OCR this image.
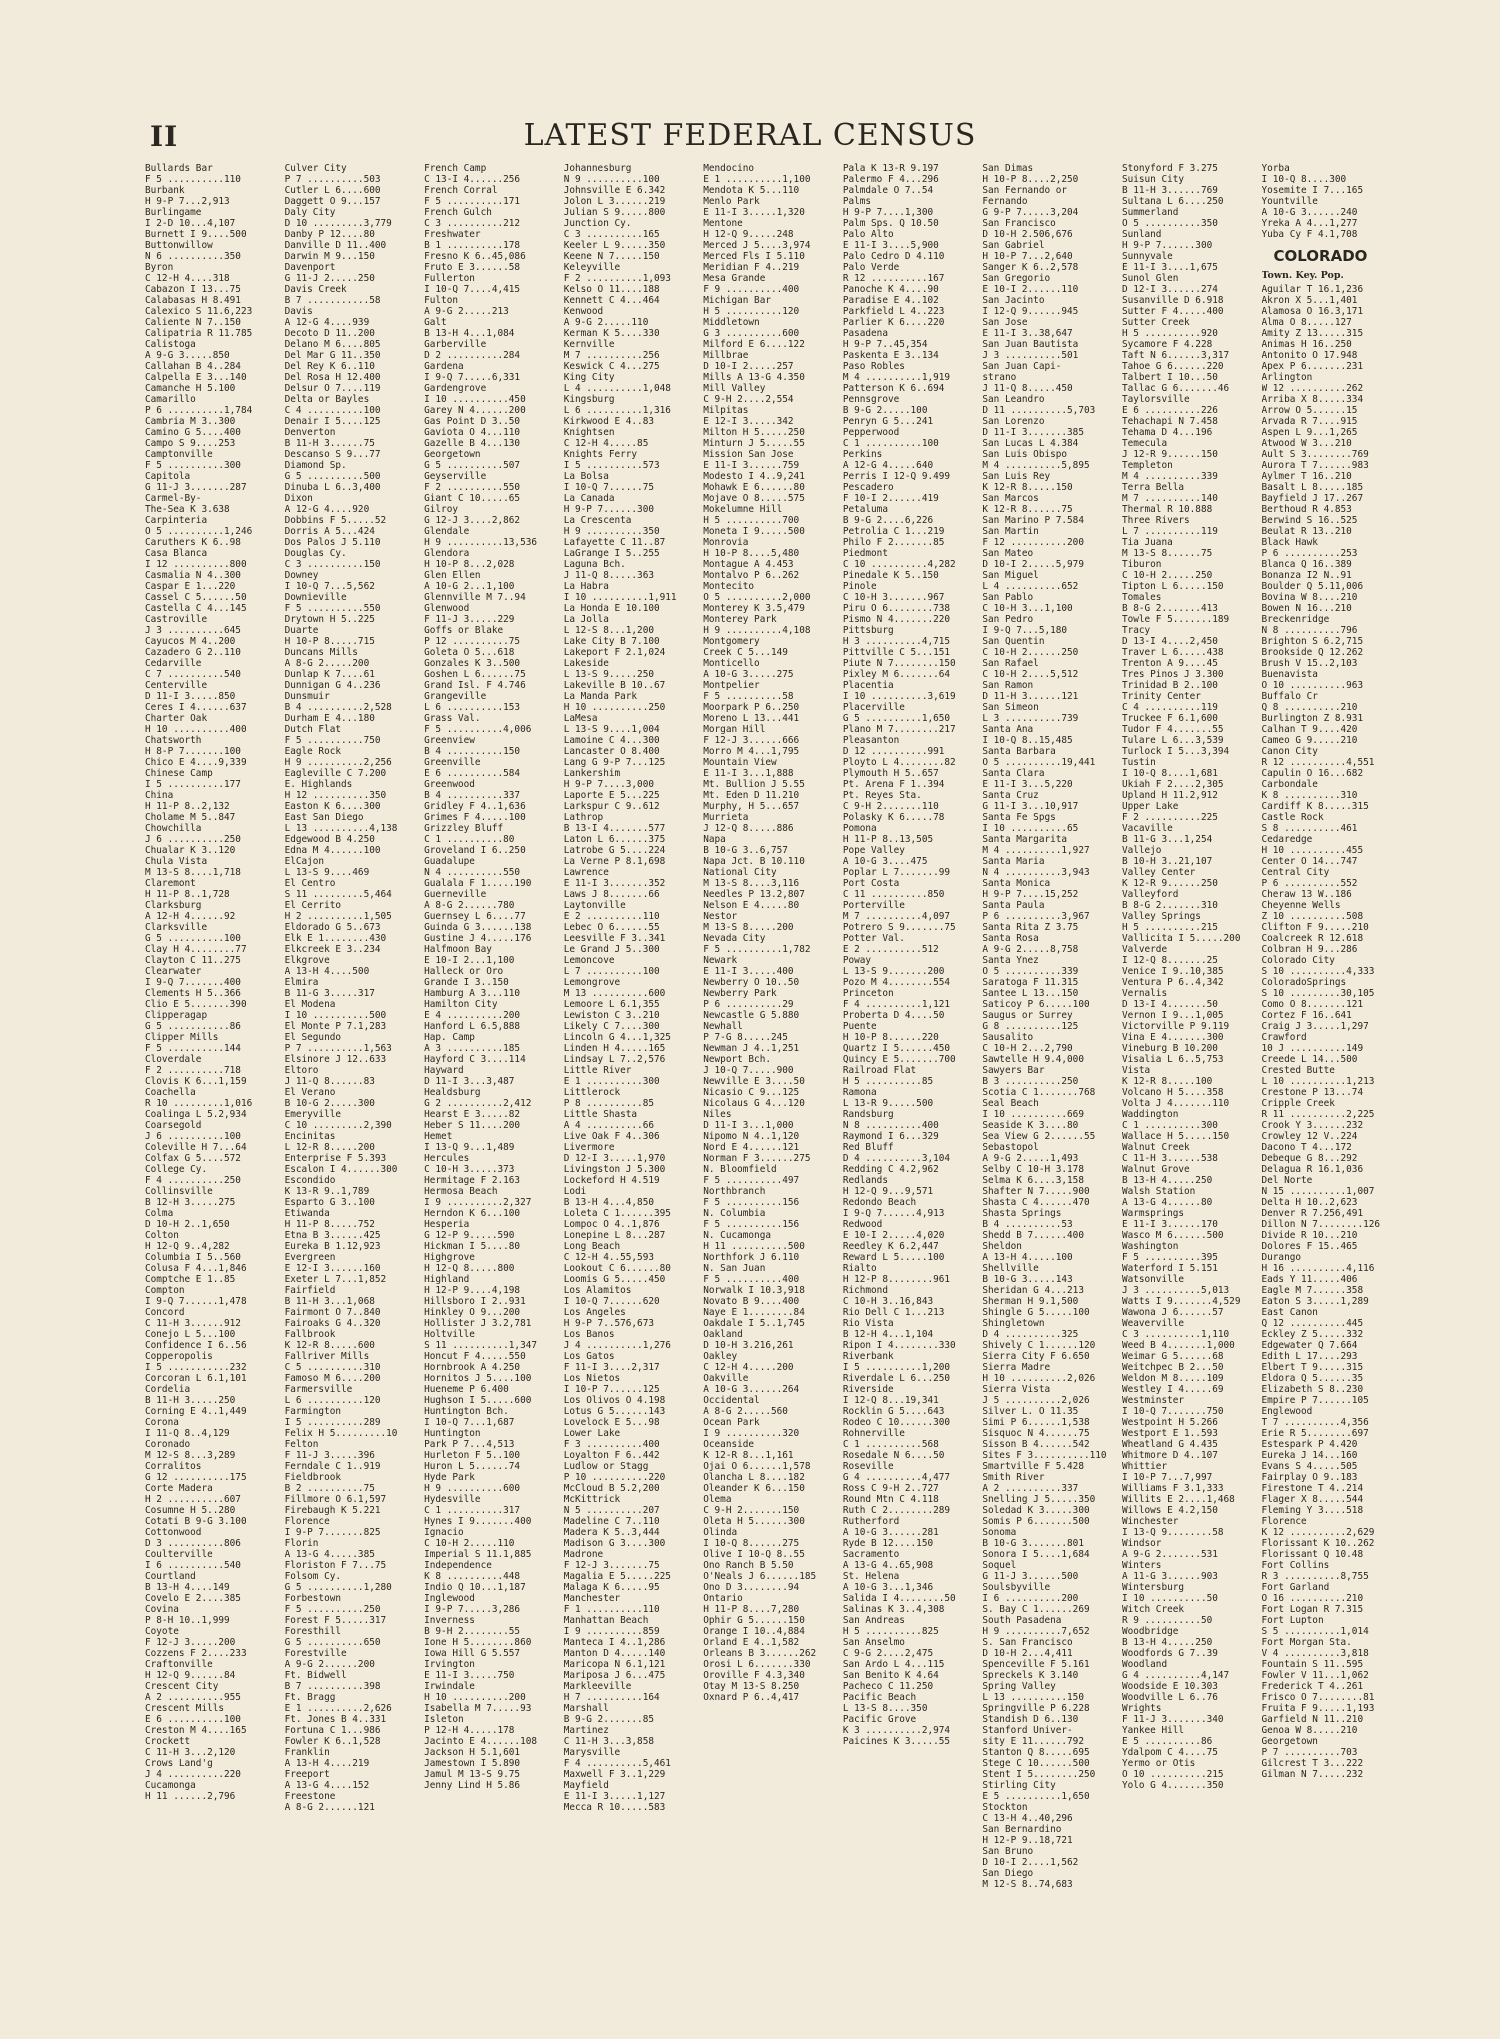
II	LATEST FEDERAL CENSUS
Bullards Bar
F 5 ..........110
Burbank
H 9-P 7...2,913
Burlingame
I 2-D 10...4,107
Burnett I 9....500
Buttonwillow
N 6 ..........350
Byron
C 12-H 4....318
Cabazon I 13...75
Calabasas H 8.491
Calexico S 11.6,223
Caliente N 7..150
Calipatria R 11.785
Calistoga
A 9-G 3.....850
Callahan B 4..284
Calpella E 3...140
Camanche H 5.100
Camarillo
P 6 ..........1,784
Cambria M 3..300
Camino G 5....400
Campo S 9....253
Camptonville
F 5 ..........300
Capitola
G 11-J 3.......287
Carmel-By-
The-Sea K 3.638
Carpinteria
O 5 ..........1,246
Caruthers K 6..98
Casa Blanca
I 12 ..........800
Casmalia N 4..300
Caspar E 1...220
Cassel C 5......50
Castella C 4...145
Castroville
J 3 ..........645
Cayucos M 4..200
Cazadero G 2..110
Cedarville
C 7 ..........540
Centerville
D 11-I 3.....850
Ceres I 4......637
Charter Oak
H 10 ..........400
Chatsworth
H 8-P 7.......100
Chico E 4....9,339
Chinese Camp
I 5 ..........177
China
H 11-P 8..2,132
Cholame M 5..847
Chowchilla
J 6 ..........250
Chualar K 3..120
Chula Vista
M 13-S 8....1,718
Claremont
H 11-P 8..1,728
Clarksburg
A 12-H 4......92
Clarksville
G 5 ..........100
Clay H 4........77
Clayton C 11..275
Clearwater
I 9-Q 7.......400
Clements H 5..366
Clio E 5.......390
Clipperagap
G 5 ...........86
Clipper Mills
F 5 ..........144
Cloverdale
F 2 ..........718
Clovis K 6...1,159
Coachella
R 10 .........1,016
Coalinga L 5.2,934
Coarsegold
J 6 ..........100
Coleville H 7...64
Colfax G 5....572
College Cy.
F 4 ..........250
Collinsville
B 12-H 3.....275
Colma
D 10-H 2..1,650
Colton
H 12-Q 9..4,282
Columbia I 5..560
Colusa F 4...1,846
Comptche E 1..85
Compton
I 9-Q 7......1,478
Concord
C 11-H 3......912
Conejo L 5...100
Confidence I 6..56
Copperopolis
I 5 ...........232
Corcoran L 6.1,101
Cordelia
B 11-H 3.....250
Corning E 4..1,449
Corona
I 11-Q 8..4,129
Coronado
M 12-S 8...3,289
Corralitos
G 12 ..........175
Corte Madera
H 2 ..........607
Cosumne H 5..280
Cotati B 9-G 3.100
Cottonwood
D 3 ..........806
Coulterville
I 6 ..........540
Courtland
B 13-H 4....149
Covelo E 2....385
Covina
P 8-H 10..1,999
Coyote
F 12-J 3.....200
Cozzens F 2....233
Craftonville
H 12-Q 9......84
Crescent City
A 2 ..........955
Crescent Mills
E 6 ..........100
Creston M 4....165
Crockett
C 11-H 3...2,120
Crows Land'g
J 4 ..........220
Cucamonga
H 11 ......2,796
Culver City
P 7 ..........503
Cutler L 6....600
Daggett O 9...157
Daly City
D 10 .........3,779
Danby P 12....80
Danville D 11..400
Darwin M 9...150
Davenport
G 11-J 2.....250
Davis Creek
B 7 ...........58
Davis
A 12-G 4....939
Decoto D 11..200
Delano M 6....805
Del Mar G 11..350
Del Rey K 6..110
Del Rosa H 12.400
Delsur O 7....119
Delta or Bayles
C 4 ..........100
Denair I 5....125
Denverton
B 11-H 3......75
Descanso S 9...77
Diamond Sp.
G 5 ..........500
Dinuba L 6..3,400
Dixon
A 12-G 4....920
Dobbins F 5.....52
Dorris A 5...424
Dos Palos J 5.110
Douglas Cy.
C 3 ..........150
Downey
I 10-Q 7...5,562
Downieville
F 5 ..........550
Drytown H 5..225
Duarte
H 10-P 8.....715
Duncans Mills
A 8-G 2.....200
Dunlap K 7....61
Dunnigan G 4..236
Dunsmuir
B 4 ..........2,528
Durham E 4...180
Dutch Flat
F 5 ..........750
Eagle Rock
H 9 ..........2,256
Eagleville C 7.200
E. Highlands
H 12 ..........350
Easton K 6....300
East San Diego
L 13 ..........4,138
Edgewood B 4.250
Edna M 4......100
ElCajon
L 13-S 9....469
El Centro
S 11 .........5,464
El Cerrito
H 2 ..........1,505
Eldorado G 5..673
Elk E 1........430
Elkcreek E 3..234
Elkgrove
A 13-H 4....500
Elmira
B 11-G 3.....317
El Modena
I 10 ..........500
El Monte P 7.1,283
El Segundo
P 7 ..........1,563
Elsinore J 12..633
Eltoro
J 11-Q 8......83
El Verano
B 10-G 2.....300
Emeryville
C 10 .........2,390
Encinitas
L 12-R 8.....200
Enterprise F 5.393
Escalon I 4......300
Escondido
K 13-R 9..1,789
Esparto G 3..100
Etiwanda
H 11-P 8.....752
Etna B 3......425
Eureka B 1.12,923
Evergreen
E 12-I 3......160
Exeter L 7...1,852
Fairfield
B 11-H 3...1,068
Fairmont O 7..840
Fairoaks G 4..320
Fallbrook
K 12-R 8.....600
Fallriver Mills
C 5 ..........310
Famoso M 6....200
Farmersville
L 6 ..........120
Farmington
I 5 ..........289
Felix H 5.........10
Felton
F 11-J 3.....396
Ferndale C 1..919
Fieldbrook
B 2 ..........75
Fillmore O 6.1,597
Firebaugh K 5.221
Florence
I 9-P 7.......825
Florin
A 13-G 4.....385
Floriston F 7...75
Folsom Cy.
G 5 ..........1,280
Forbestown
F 5 ..........250
Forest F 5.....317
Foresthill
G 5 ..........650
Forestville
A 9-G 2......200
Ft. Bidwell
B 7 ..........398
Ft. Bragg
E 1 ..........2,626
Ft. Jones B 4..331
Fortuna C 1...986
Fowler K 6..1,528
Franklin
A 13-H 4....219
Freeport
A 13-G 4....152
Freestone
A 8-G 2......121
French Camp
C 13-I 4......256
French Corral
F 5 ..........171
French Gulch
C 3 ..........212
Freshwater
B 1 ..........178
Fresno K 6..45,086
Fruto E 3......58
Fullerton
I 10-Q 7....4,415
Fulton
A 9-G 2.....213
Galt
B 13-H 4...1,084
Garberville
D 2 ..........284
Gardena
I 9-Q 7.....6,331
Gardengrove
I 10 ..........450
Garey N 4......200
Gas Point D 3..50
Gaviota O 4...110
Gazelle B 4...130
Georgetown
G 5 ..........507
Geyserville
F 2 ..........550
Giant C 10.....65
Gilroy
G 12-J 3....2,862
Glendale
H 9 ..........13,536
Glendora
H 10-P 8...2,028
Glen Ellen
A 10-G 2...1,100
Glennville M 7..94
Glenwood
F 11-J 3.....229
Goffs or Blake
P 12 ..........75
Goleta O 5...618
Gonzales K 3..500
Goshen L 6......75
Grand Isl. F 4.746
Grangeville
L 6 ..........153
Grass Val.
F 5 ..........4,006
Greenview
B 4 ..........150
Greenville
E 6 ..........584
Greenwood
B 4 ..........337
Gridley F 4..1,636
Grimes F 4.....100
Grizzley Bluff
C 1 ..........80
Groveland I 6..250
Guadalupe
N 4 ..........550
Gualala F 1.....190
Guerneville
A 8-G 2......780
Guernsey L 6....77
Guinda G 3......138
Gustine J 4.....176
Halfmoon Bay
E 10-I 2...1,100
Halleck or Oro
Grande I 3..150
Hamburg A 3...110
Hamilton City
E 4 ..........200
Hanford L 6.5,888
Hap. Camp
A 3 ..........185
Hayford C 3....114
Hayward
D 11-I 3...3,487
Healdsburg
G 2 ..........2,412
Hearst E 3.....82
Heber S 11....200
Hemet
I 13-Q 9...1,489
Hercules
C 10-H 3.....373
Hermitage F 2.163
Hermosa Beach
I 9 ..........2,327
Herndon K 6...100
Hesperia
G 12-P 9.....590
Hickman I 5....80
Highgrove
H 12-Q 8.....800
Highland
H 12-P 9....4,198
Hillsboro I 2..931
Hinkley O 9...200
Hollister J 3.2,781
Holtville
S 11 ..........1,347
Honcut F 4.....550
Hornbrook A 4.250
Hornitos J 5....100
Hueneme P 6.400
Hughson I 5.....600
Huntington Bch.
I 10-Q 7...1,687
Huntington
Park P 7...4,513
Hurleton F 5..100
Huron L 5......74
Hyde Park
H 9 ..........600
Hydesville
C 1 ..........317
Hynes I 9.......400
Ignacio
C 10-H 2.....110
Imperial S 11.1,885
Independence
K 8 ..........448
Indio Q 10...1,187
Inglewood
I 9-P 7.....3,286
Inverness
B 9-H 2........55
Ione H 5........860
Iowa Hill G 5.557
Irvington
E 11-I 3.....750
Irwindale
H 10 ..........200
Isabella M 7.....93
Isleton
P 12-H 4.....178
Jacinto E 4......108
Jackson H 5.1,601
Jamestown I 5.890
Jamul M 13-S 9.75
Jenny Lind H 5.86
Johannesburg
N 9 ..........100
Johnsville E 6.342
Jolon L 3......219
Julian S 9.....800
Junction Cy.
C 3 ..........165
Keeler L 9.....350
Keene N 7.....150
Keleyville
F 2 ..........1,093
Kelso O 11....188
Kennett C 4...464
Kenwood
A 9-G 2.....110
Kerman K 5....330
Kernville
M 7 ..........256
Keswick C 4...275
King City
L 4 ..........1,048
Kingsburg
L 6 ..........1,316
Kirkwood E 4..83
Knightsen
C 12-H 4.....85
Knights Ferry
I 5 ..........573
La Bolsa
I 10-Q 7......75
La Canada
H 9-P 7......300
La Crescenta
H 9 ..........350
Lafayette C 11..87
LaGrange I 5..255
Laguna Bch.
J 11-Q 8.....363
La Habra
I 10 ..........1,911
La Honda E 10.100
La Jolla
L 12-S 8...1,200
Lake City B 7.100
Lakeport F 2.1,024
Lakeside
L 13-S 9.....250
Lakeville B 10..67
La Manda Park
H 10 ..........250
LaMesa
L 13-S 9....1,004
Lamoine C 4...300
Lancaster O 8.400
Lang G 9-P 7...125
Lankershim
H 9-P 7....3,000
Laporte E 5...225
Larkspur C 9..612
Lathrop
B 13-I 4.......577
Laton L 6......375
Latrobe G 5....224
La Verne P 8.1,698
Lawrence
E 11-I 3.......352
Laws J 8.......66
Laytonville
E 2 ..........110
Lebec O 6......55
Leesville F 3..341
Le Grand J 5..300
Lemoncove
L 7 ..........100
Lemongrove
M 13 ..........600
Lemoore L 6.1,355
Lewiston C 3..210
Likely C 7....300
Lincoln G 4...1,325
Linden H 4.....165
Lindsay L 7..2,576
Little River
E 1 ..........300
Littlerock
P 8 ..........85
Little Shasta
A 4 ..........66
Live Oak F 4..306
Livermore
D 12-I 3.....1,970
Livingston J 5.300
Lockeford H 4.519
Lodi
B 13-H 4...4,850
Loleta C 1......395
Lompoc O 4..1,876
Lonepine L 8...287
Long Beach
C 12-H 4..55,593
Lookout C 6......80
Loomis G 5.....450
Los Alamitos
I 10-Q 7......620
Los Angeles
H 9-P 7..576,673
Los Banos
J 4 ..........1,276
Los Gatos
F 11-I 3....2,317
Los Nietos
I 10-P 7......125
Los Olivos O 4.198
Lotus G 5......143
Lovelock E 5...98
Lower Lake
F 3 ..........400
Loyalton F 6..442
Ludlow or Stagg
P 10 ..........220
McCloud B 5.2,200
McKittrick
N 5 ..........207
Madeline C 7..110
Madera K 5..3,444
Madison G 3....300
Madrone
F 12-J 3.......75
Magalia E 5.....225
Malaga K 6.....95
Manchester
F 1 ..........110
Manhattan Beach
I 9 ..........859
Manteca I 4..1,286
Manton D 4.....140
Maricopa N 6.1,121
Mariposa J 6...475
Markleeville
H 7 ..........164
Marshall
B 9-G 2.......85
Martinez
C 11-H 3...3,858
Marysville
F 4 ..........5,461
Maxwell F 3..1,229
Mayfield
E 11-I 3.....1,127
Mecca R 10.....583
Mendocino
E 1 ..........1,100
Mendota K 5...110
Menlo Park
E 11-I 3.....1,320
Mentone
H 12-Q 9.....248
Merced J 5....3,974
Merced Fls I 5.110
Meridian F 4..219
Mesa Grande
F 9 ..........400
Michigan Bar
H 5 ..........120
Middletown
G 3 ..........600
Milford E 6....122
Millbrae
D 10-I 2.....257
Mills A 13-G 4.350
Mill Valley
C 9-H 2....2,554
Milpitas
E 12-I 3.....342
Milton H 5.....250
Minturn J 5.....55
Mission San Jose
E 11-I 3......759
Modesto I 4..9,241
Mohawk E 6......80
Mojave O 8.....575
Mokelumne Hill
H 5 ..........700
Moneta I 9.....500
Monrovia
H 10-P 8....5,480
Montague A 4.453
Montalvo P 6..262
Montecito
O 5 ..........2,000
Monterey K 3.5,479
Monterey Park
H 9 ..........4,108
Montgomery
Creek C 5...149
Monticello
A 10-G 3.....275
Montpelier
F 5 ..........58
Moorpark P 6..250
Moreno L 13...441
Morgan Hill
F 12-J 3......666
Morro M 4...1,795
Mountain View
E 11-I 3...1,888
Mt. Bullion J 5.55
Mt. Eden D 11.210
Murphy, H 5...657
Murrieta
J 12-Q 8.....886
Napa
B 10-G 3..6,757
Napa Jct. B 10.110
National City
M 13-S 8....3,116
Needles P 13.2,807
Nelson E 4.....80
Nestor
M 13-S 8.....200
Nevada City
F 5 ..........1,782
Newark
E 11-I 3.....400
Newberry O 10..50
Newberry Park
P 6 ..........29
Newcastle G 5.880
Newhall
P 7-G 8.....245
Newman J 4..1,251
Newport Bch.
J 10-Q 7.....900
Newville E 3....50
Nicasio C 9...125
Nicolaus G 4...120
Niles
D 11-I 3...1,000
Nipomo N 4..1,120
Nord E 4......121
Norman F 3......275
N. Bloomfield
F 5 ..........497
Northbranch
F 5 ..........156
N. Columbia
F 5 ..........156
N. Cucamonga
H 11 ..........500
Northfork J 6.110
N. San Juan
F 5 ..........400
Norwalk I 10.3,918
Novato B 9....400
Naye E 1........84
Oakdale I 5..1,745
Oakland
D 10-H 3.216,261
Oakley
C 12-H 4.....200
Oakville
A 10-G 3......264
Occidental
A 8-G 2.....560
Ocean Park
I 9 ..........320
Oceanside
K 12-R 8...1,161
Ojai O 6......1,578
Olancha L 8....182
Oleander K 6...150
Olema
C 9-H 2.......150
Oleta H 5......300
Olinda
I 10-Q 8......275
Olive I 10-Q 8..55
Ono Ranch B 5.50
O'Neals J 6......185
Ono D 3........94
Ontario
H 11-P 8....7,280
Ophir G 5......150
Orange I 10..4,884
Orland E 4..1,582
Orleans B 3......262
Orosi L 6.......330
Oroville F 4.3,340
Otay M 13-S 8.250
Oxnard P 6..4,417
Pala K 13-R 9.197
Palermo F 4...296
Palmdale O 7..54
Palms
H 9-P 7....1,300
Palm Sps. Q 10.50
Palo Alto
E 11-I 3....5,900
Palo Cedro D 4.110
Palo Verde
R 12 ..........167
Panoche K 4....90
Paradise E 4..102
Parkfield L 4..223
Parlier K 6....220
Pasadena
H 9-P 7..45,354
Paskenta E 3..134
Paso Robles
M 4 ..........1,919
Patterson K 6..694
Pennsgrove
B 9-G 2.....100
Penryn G 5...241
Pepperwood
C 1 ..........100
Perkins
A 12-G 4.....640
Perris I 12-Q 9.499
Pescadero
F 10-I 2......419
Petaluma
B 9-G 2....6,226
Petrolia C 1...219
Philo F 2.......85
Piedmont
C 10 ..........4,282
Pinedale K 5..150
Pinole
C 10-H 3.......967
Piru O 6........738
Pismo N 4.......220
Pittsburg
H 3 ..........4,715
Pittville C 5...151
Piute N 7........150
Pixley M 6.......64
Placentia
I 10 ..........3,619
Placerville
G 5 ..........1,650
Plano M 7........217
Pleasanton
D 12 ..........991
Ployto L 4........82
Plymouth H 5..657
Pt. Arena F 1..394
Pt. Reyes Sta.
C 9-H 2.......110
Polasky K 6.....78
Pomona
H 11-P 8..13,505
Pope Valley
A 10-G 3....475
Poplar L 7.......99
Port Costa
C 11 ..........850
Porterville
M 7 ..........4,097
Potrero S 9.......75
Potter Val.
E 2 ..........512
Poway
L 13-S 9.......200
Pozo M 4........554
Princeton
F 4 ..........1,121
Proberta D 4....50
Puente
H 10-P 8......220
Quartz I 5......450
Quincy E 5.......700
Railroad Flat
H 5 ..........85
Ramona
L 13-R 9.....500
Randsburg
N 8 ..........400
Raymond I 6...329
Red Bluff
D 4 ..........3,104
Redding C 4.2,962
Redlands
H 12-Q 9...9,571
Redondo Beach
I 9-Q 7......4,913
Redwood
E 10-I 2.....4,020
Reedley K 6.2,447
Reward L 5.....100
Rialto
H 12-P 8........961
Richmond
C 10-H 3..16,843
Rio Dell C 1...213
Rio Vista
B 12-H 4...1,104
Ripon I 4........330
Riverbank
I 5 ..........1,200
Riverdale L 6...250
Riverside
I 12-Q 8...19,341
Rocklin G 5....643
Rodeo C 10......300
Rohnerville
C 1 ..........568
Rosedale N 6....50
Roseville
G 4 ..........4,477
Ross C 9-H 2..727
Round Mtn C 4.118
Ruth C 2........289
Rutherford
A 10-G 3......281
Ryde B 12....150
Sacramento
A 13-G 4..65,908
St. Helena
A 10-G 3...1,346
Salida I 4........50
Salinas K 3..4,308
San Andreas
H 5 ..........825
San Anselmo
C 9-G 2....2,475
San Ardo L 4...115
San Benito K 4.64
Pacheco C 11.250
Pacific Beach
L 13-S 8....350
Pacific Grove
K 3 ..........2,974
Paicines K 3.....55
San Dimas
H 10-P 8....2,250
San Fernando or
Fernando
G 9-P 7.....3,204
San Francisco
D 10-H 2.506,676
San Gabriel
H 10-P 7...2,640
Sanger K 6..2,578
San Gregorio
E 10-I 2......110
San Jacinto
I 12-Q 9......945
San Jose
E 11-I 3..38,647
San Juan Bautista
J 3 ..........501
San Juan Capi-
strano
J 11-Q 8.....450
San Leandro
D 11 ..........5,703
San Lorenzo
D 11-I 3.......385
San Lucas L 4.384
San Luis Obispo
M 4 ..........5,895
San Luis Rey
K 12-R 8.....150
San Marcos
K 12-R 8......75
San Marino P 7.584
San Martin
F 12 ..........200
San Mateo
D 10-I 2.....5,979
San Miguel
L 4 ..........652
San Pablo
C 10-H 3...1,100
San Pedro
I 9-Q 7...5,180
San Quentin
C 10-H 2......250
San Rafael
C 10-H 2....5,512
San Ramon
D 11-H 3......121
San Simeon
L 3 ..........739
Santa Ana
I 10-Q 8..15,485
Santa Barbara
O 5 ..........19,441
Santa Clara
E 11-I 3...5,220
Santa Cruz
G 11-I 3...10,917
Santa Fe Spgs
I 10 ..........65
Santa Margarita
M 4 ..........1,927
Santa Maria
N 4 ..........3,943
Santa Monica
H 9-P 7....15,252
Santa Paula
P 6 ..........3,967
Santa Rita Z 3.75
Santa Rosa
A 9-G 2.....8,758
Santa Ynez
O 5 ..........339
Saratoga F 11.315
Santee L 13...150
Saticoy P 6.....100
Saugus or Surrey
G 8 ..........125
Sausalito
C 10-H 2...2,790
Sawtelle H 9.4,000
Sawyers Bar
B 3 ..........250
Scotia C 1.......768
Seal Beach
I 10 ..........669
Seaside K 3....80
Sea View G 2......55
Sebastopol
A 9-G 2.....1,493
Selby C 10-H 3.178
Selma K 6....3,158
Shafter N 7.....900
Shasta C 4......470
Shasta Springs
B 4 ..........53
Shedd B 7......400
Sheldon
A 13-H 4.....100
Shellville
B 10-G 3.....143
Sheridan G 4...213
Sherman H 9.1,500
Shingle G 5.....100
Shingletown
D 4 ..........325
Shively C 1......120
Sierra City F 6.650
Sierra Madre
H 10 ..........2,026
Sierra Vista
J 5 ..........2,026
Silver L. O 11.35
Simi P 6......1,538
Sisquoc N 4......75
Sisson B 4......542
Sites F 3..........110
Smartville F 5.428
Smith River
A 2 ..........337
Snelling J 5.....350
Soledad K 3.....300
Somis P 6.......500
Sonoma
B 10-G 3.......801
Sonora I 5....1,684
Soquel
G 11-J 3......500
Soulsbyville
I 6 ..........200
S. Bay C 1......269
South Pasadena
H 9 ..........7,652
S. San Francisco
D 10-H 2...4,411
Spenceville F 5.161
Spreckels K 3.140
Spring Valley
L 13 ..........150
Springville P 6.228
Standish D 6..130
Stanford Univer-
sity E 11......792
Stanton Q 8.....695
Stege C 10......500
Stent I 5........250
Stirling City
E 5 ..........1,650
Stockton
C 13-H 4..40,296
San Bernardino
H 12-P 9..18,721
San Bruno
D 10-I 2....1,562
San Diego
M 12-S 8..74,683
Stonyford F 3.275
Suisun City
B 11-H 3......769
Sultana L 6....250
Summerland
O 5 ..........350
Sunland
H 9-P 7......300
Sunnyvale
E 11-I 3....1,675
Sunol Glen
D 12-I 3......274
Susanville D 6.918
Sutter F 4.....400
Sutter Creek
H 5 ..........920
Sycamore F 4.228
Taft N 6......3,317
Tahoe G 6......220
Talbert I 10...50
Tallac G 6.......46
Taylorsville
E 6 ..........226
Tehachapi N 7.458
Tehama D 4...196
Temecula
J 12-R 9......150
Templeton
M 4 ..........339
Terra Bella
M 7 ..........140
Thermal R 10.888
Three Rivers
L 7 ..........119
Tia Juana
M 13-S 8......75
Tiburon
C 10-H 2.....250
Tipton L 6.....150
Tomales
B 8-G 2.......413
Towle F 5.......189
Tracy
D 13-I 4....2,450
Traver L 6.....438
Trenton A 9....45
Tres Pinos J 3.300
Trinidad B 2..100
Trinity Center
C 4 ..........119
Truckee F 6.1,600
Tudor F 4.......55
Tulare L 6...3,539
Turlock I 5...3,394
Tustin
I 10-Q 8....1,681
Ukiah F 2....2,305
Upland H 11.2,912
Upper Lake
F 2 ..........225
Vacaville
B 11-G 3...1,254
Vallejo
B 10-H 3..21,107
Valley Center
K 12-R 9......250
Valleyford
B 8-G 2.......310
Valley Springs
H 5 ..........215
Vallicita I 5.....200
Valverde
I 12-Q 8.......25
Venice I 9..10,385
Ventura P 6..4,342
Vernalis
D 13-I 4.......50
Vernon I 9...1,005
Victorville P 9.119
Vina E 4.......300
Vineburg B 10.200
Visalia L 6..5,753
Vista
K 12-R 8.....100
Volcano H 5....358
Volta J 4.......110
Waddington
C 1 ..........300
Wallace H 5.....150
Walnut Creek
C 11-H 3......538
Walnut Grove
B 13-H 4.....250
Walsh Station
A 13-G 4......80
Warmsprings
E 11-I 3......170
Wasco M 6......500
Washington
F 5 ..........395
Waterford I 5.151
Watsonville
J 3 ..........5,013
Watts I 9.......4,529
Wawona J 6......57
Weaverville
C 3 ..........1,110
Weed B 4.......1,000
Weimar G 5......68
Weitchpec B 2...50
Weldon M 8.....109
Westley I 4.....69
Westminster
I 10-Q 7.......750
Westpoint H 5.266
Westport E 1..593
Wheatland G 4.435
Whitmore D 4..107
Whittier
I 10-P 7...7,997
Williams F 3.1,333
Willits E 2....1,468
Willows E 4.2,150
Winchester
I 13-Q 9........58
Windsor
A 9-G 2.......531
Winters
A 11-G 3......903
Wintersburg
I 10 ..........50
Witch Creek
R 9 ..........50
Woodbridge
B 13-H 4.....250
Woodfords G 7..39
Woodland
G 4 ..........4,147
Woodside E 10.303
Woodville L 6..76
Wrights
F 11-J 3.......340
Yankee Hill
E 5 ..........86
Ydalpom C 4....75
Yermo or Otis
O 10 ..........215
Yolo G 4.......350
Yorba
I 10-Q 8....300
Yosemite I 7...165
Yountville
A 10-G 3......240
Yreka A 4...1,277
Yuba Cy F 4.1,708
COLORADO
Town. Key. Pop.
Aguilar T 16.1,236
Akron X 5...1,401
Alamosa O 16.3,171
Alma O 8.....127
Amity Z 13.....315
Animas H 16..250
Antonito O 17.948
Apex P 6.......231
Arlington
W 12 ..........262
Arriba X 8.....334
Arrow O 5......15
Arvada R 7....915
Aspen L 9...1,265
Atwood W 3...210
Ault S 3........769
Aurora T 7......983
Aylmer T 16..210
Basalt L 8.....185
Bayfield J 17..267
Berthoud R 4.853
Berwind S 16..525
Beulat R 13..210
Black Hawk
P 6 ..........253
Blanca Q 16..389
Bonanza I2 N..91
Boulder Q 5.11,006
Bovina W 8....210
Bowen N 16...210
Breckenridge
N 8 ..........796
Brighton S 6.2,715
Brookside Q 12.262
Brush V 15..2,103
Buenavista
O 10 ..........963
Buffalo Cr
Q 8 ..........210
Burlington Z 8.931
Calhan T 9....420
Cameo G 9.....210
Canon City
R 12 ..........4,551
Capulin O 16...682
Carbondale
K 8 ..........310
Cardiff K 8.....315
Castle Rock
S 8 ..........461
Cedaredge
H 10 ..........455
Center O 14...747
Central City
P 6 ..........552
Cheraw 13 W..186
Cheyenne Wells
Z 10 ..........508
Clifton F 9.....210
Coalcreek R 12.618
Colbran H 9...286
Colorado City
S 10 ..........4,333
ColoradoSprings
S 10 .........30,105
Como O 8.......121
Cortez F 16..641
Craig J 3.....1,297
Crawford
10 J ..........149
Creede L 14...500
Crested Butte
L 10 ..........1,213
Crestone P 13...74
Cripple Creek
R 11 ..........2,225
Crook Y 3......232
Crowley 12 V..224
Dacono T 4...172
Debeque G 8...292
Delagua R 16.1,036
Del Norte
N 15 ..........1,007
Delta H 10..2,623
Denver R 7.256,491
Dillon N 7........126
Divide R 10...210
Dolores F 15..465
Durango
H 16 ..........4,116
Eads Y 11.....406
Eagle M 7......358
Eaton S 3.....1,289
East Canon
Q 12 ..........445
Eckley Z 5.....332
Edgewater Q 7.664
Edith L 17....293
Elbert T 9.....315
Eldora Q 5......35
Elizabeth S 8..230
Empire P 7......105
Englewood
T 7 ..........4,356
Erie R 5........697
Estespark P 4.420
Eureka J 14...160
Evans S 4.....505
Fairplay O 9..183
Firestone T 4..214
Flager X 8.....544
Fleming Y 3....518
Florence
K 12 ..........2,629
Florissant K 10..262
Florissant Q 10.48
Fort Collins
R 3 ..........8,755
Fort Garland
O 16 ..........210
Fort Logan R 7.315
Fort Lupton
S 5 ..........1,014
Fort Morgan Sta.
V 4 ..........3,818
Fountain S 11..595
Fowler V 11...1,062
Frederick T 4..261
Frisco O 7........81
Fruita F 9.....1,193
Garfield N 11..210
Genoa W 8.....210
Georgetown
P 7 ..........703
Gilcrest T 3...222
Gilman N 7.....232
